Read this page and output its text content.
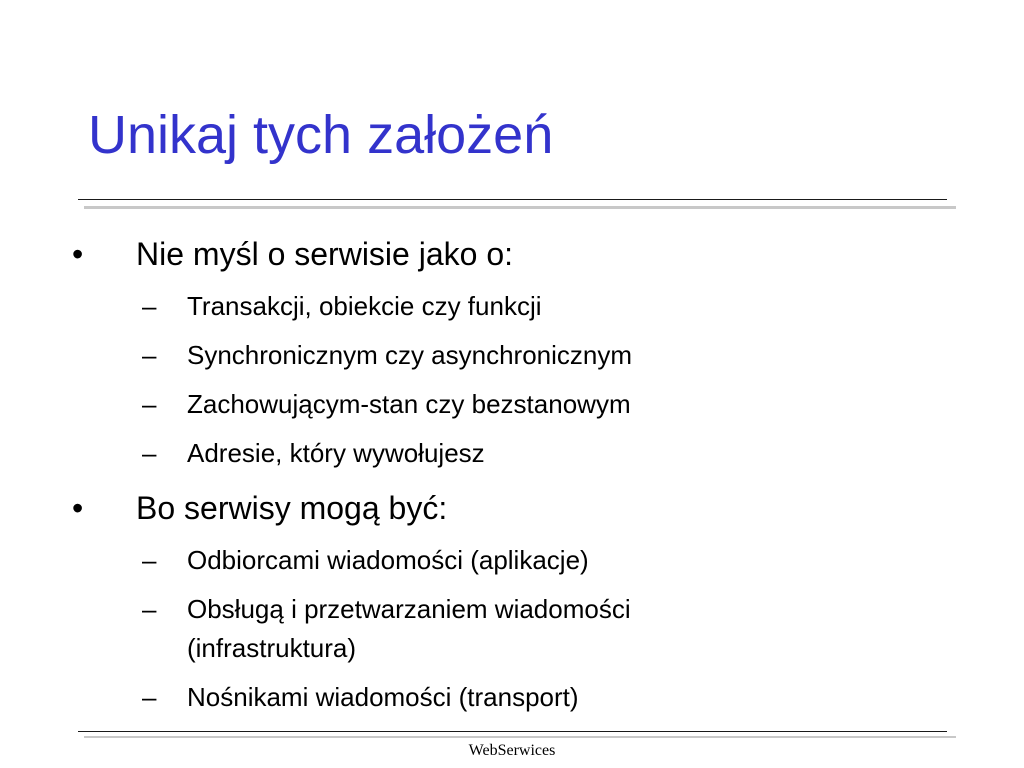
Unikaj tych założeń
• Nie myśl o serwisie jako o:
– Transakcji, obiekcie czy funkcji
– Synchronicznym czy asynchronicznym
– Zachowującym-stan czy bezstanowym
– Adresie, który wywołujesz
• Bo serwisy mogą być:
– Odbiorcami wiadomości (aplikacje)
– Obsługą i przetwarzaniem wiadomości
(infrastruktura)
– Nośnikami wiadomości (transport)
WebSerwices
